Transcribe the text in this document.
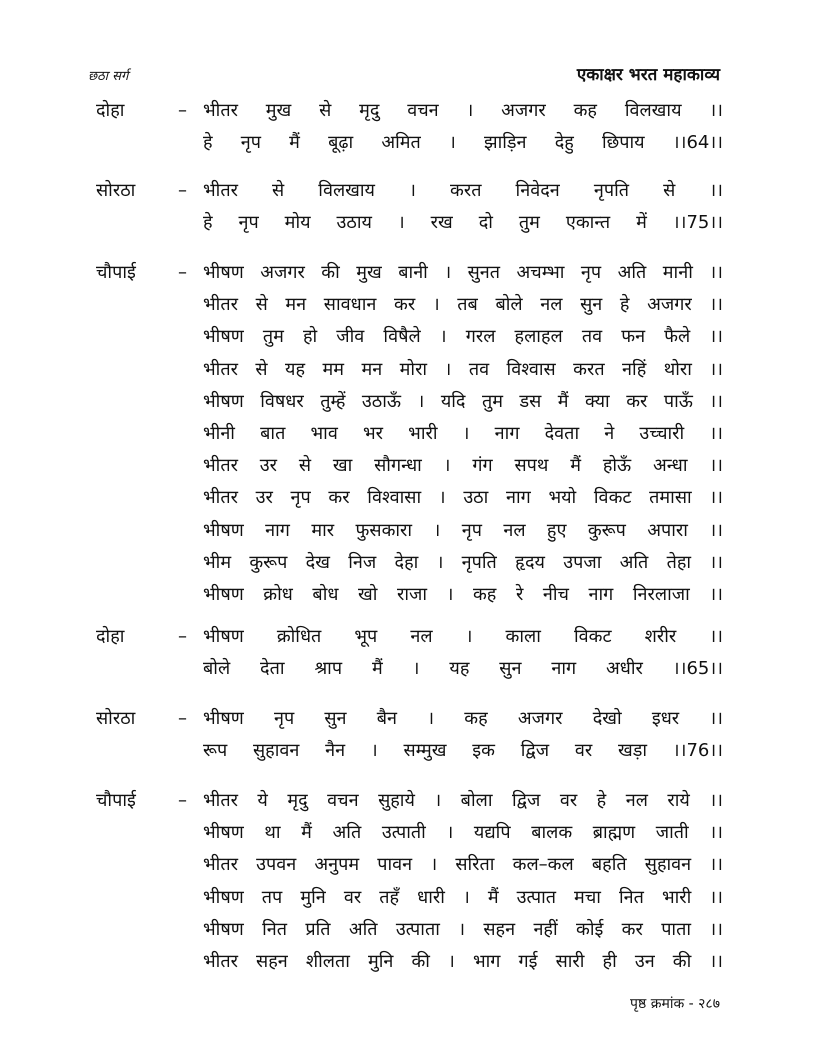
छठा सर्ग	एकाक्षर भरत महाकाव्य
दोहा	– भीतर मुख से मृदु वचन । अजगर कह विलखाय ।।
हे नृप मैं बूढ़ा अमित । झाड़िन देहु छिपाय ।।64।।
सोरठा – भीतर से विलखाय । करत निवेदन नृपति से ।।
हे नृप मोय उठाय । रख दो तुम एकान्त में ।।75।।
चौपाई – भीषण अजगर की मुख बानी । सुनत अचम्भा नृप अति मानी ।।
भीतर से मन सावधान कर । तब बोले नल सुन हे अजगर ।।
भीषण तुम हो जीव विषैले । गरल हलाहल तव फन फैले ।।
भीतर से यह मम मन मोरा । तव विश्वास करत नहिं थोरा ।।
भीषण विषधर तुम्हें उठाऊँ । यदि तुम डस मैं क्या कर पाऊँ ।।
भीनी बात भाव भर भारी । नाग देवता ने उच्चारी ।।
भीतर उर से खा सौगन्धा । गंग सपथ मैं होऊँ अन्धा ।।
भीतर उर नृप कर विश्वासा । उठा नाग भयो विकट तमासा ।।
भीषण नाग मार फुसकारा । नृप नल हुए कुरूप अपारा ।।
भीम कुरूप देख निज देहा । नृपति हृदय उपजा अति तेहा ।।
भीषण क्रोध बोध खो राजा । कह रे नीच नाग निरलाजा ।।
दोहा	– भीषण क्रोधित भूप नल । काला विकट शरीर ।।
बोले देता श्राप मैं । यह सुन नाग अधीर ।।65।।
सोरठा – भीषण नृप सुन बैन । कह अजगर देखो इधर ।।
रूप सुहावन नैन । सम्मुख इक द्विज वर खड़ा ।।76।।
चौपाई – भीतर ये मृदु वचन सुहाये । बोला द्विज वर हे नल राये ।।
भीषण था मैं अति उत्पाती । यद्यपि बालक ब्राह्मण जाती ।।
भीतर उपवन अनुपम पावन । सरिता कल–कल बहति सुहावन ।।
भीषण तप मुनि वर तहँ धारी । मैं उत्पात मचा नित भारी ।।
भीषण नित प्रति अति उत्पाता । सहन नहीं कोई कर पाता ।।
भीतर सहन शीलता मुनि की । भाग गई सारी ही उन की ।।
पृष्ठ क्रमांक - २८७
